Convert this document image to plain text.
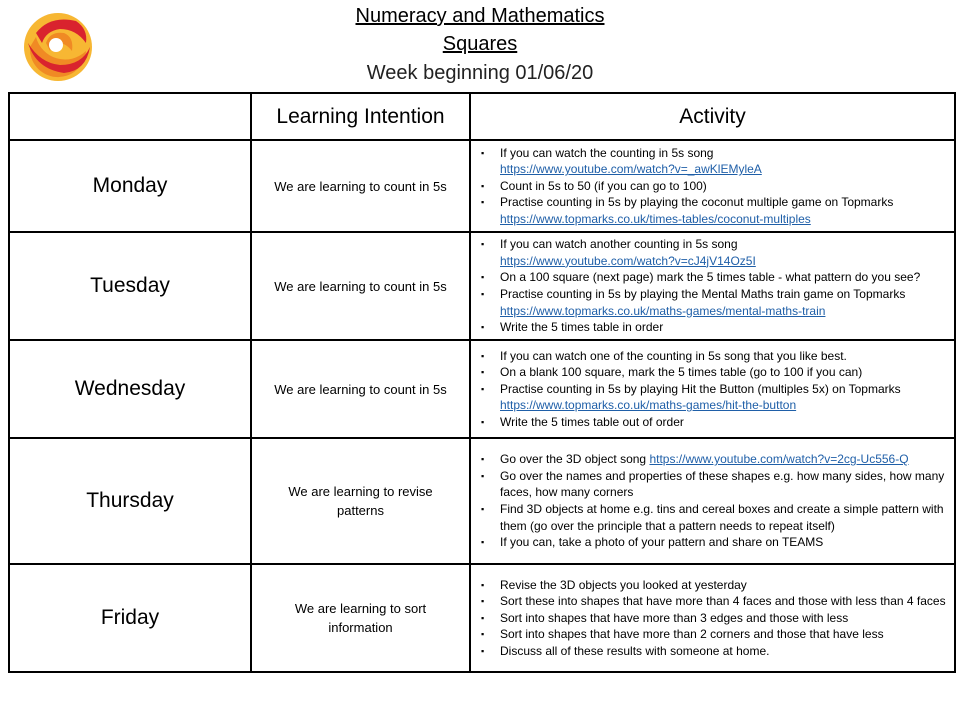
Numeracy and Mathematics
Squares
Week beginning 01/06/20
	Learning Intention	Activity
Monday	We are learning to count in 5s	
▪ If you can watch the counting in 5s song
https://www.youtube.com/watch?v=_awKlEMyleA
▪ Count in 5s to 50 (if you can go to 100)
▪ Practise counting in 5s by playing the coconut multiple game on Topmarks
https://www.topmarks.co.uk/times-tables/coconut-multiples

Tuesday	We are learning to count in 5s	
▪ If you can watch another counting in 5s song
https://www.youtube.com/watch?v=cJ4jV14Oz5I
▪ On a 100 square (next page) mark the 5 times table - what pattern do you see?
▪ Practise counting in 5s by playing the Mental Maths train game on Topmarks
https://www.topmarks.co.uk/maths-games/mental-maths-train
▪ Write the 5 times table in order

Wednesday	We are learning to count in 5s	
▪ If you can watch one of the counting in 5s song that you like best.
▪ On a blank 100 square, mark the 5 times table (go to 100 if you can)
▪ Practise counting in 5s by playing Hit the Button (multiples 5x) on Topmarks
https://www.topmarks.co.uk/maths-games/hit-the-button
▪ Write the 5 times table out of order

Thursday	We are learning to revise patterns	
▪ Go over the 3D object song https://www.youtube.com/watch?v=2cg-Uc556-Q
▪ Go over the names and properties of these shapes e.g. how many sides, how many faces, how many corners
▪ Find 3D objects at home e.g. tins and cereal boxes and create a simple pattern with them (go over the principle that a pattern needs to repeat itself)
▪ If you can, take a photo of your pattern and share on TEAMS

Friday	We are learning to sort information	
▪ Revise the 3D objects you looked at yesterday
▪ Sort these into shapes that have more than 4 faces and those with less than 4 faces
▪ Sort into shapes that have more than 3 edges and those with less
▪ Sort into shapes that have more than 2 corners and those that have less
▪ Discuss all of these results with someone at home.
